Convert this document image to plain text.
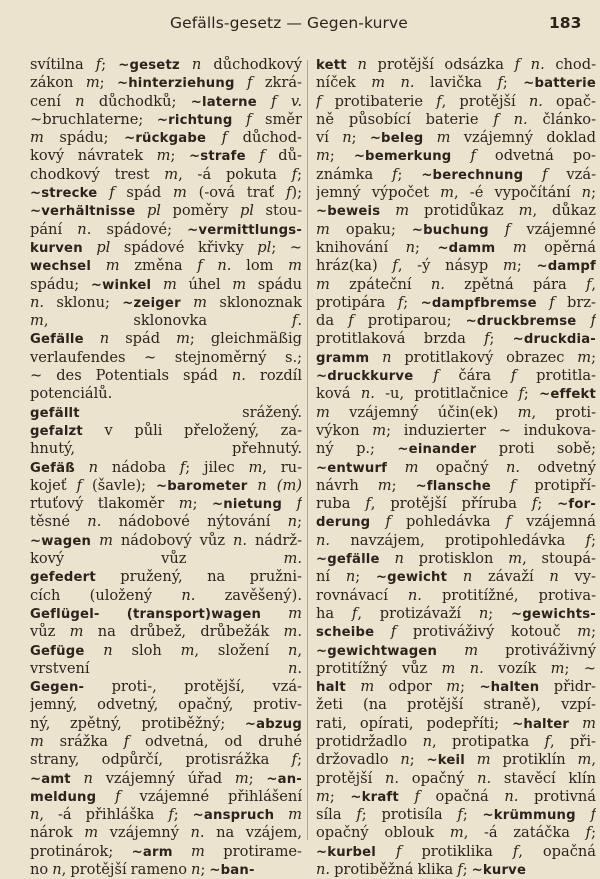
Gefälls-gesetz — Gegen-kurve	183
svítilna f; ~gesetz n důchodkový
zákon m; ~hinterziehung f zkrá-
cení n důchodků; ~laterne f v.
~bruchlaterne; ~richtung f směr
m spádu; ~rückgabe f důchod-
kový návratek m; ~strafe f dů-
chodkový trest m, -á pokuta f;
~strecke f spád m (-ová trať f);
~verhältnisse pl poměry pl stou-
pání n. spádové; ~vermittlungs-
kurven pl spádové křivky pl; ~
wechsel m změna f n. lom m
spádu; ~winkel m úhel m spádu
n. sklonu; ~zeiger m sklonoznak
m, sklonovka f.
Gefälle n spád m; gleichmäßig
verlaufendes ~ stejnoměrný s.;
~ des Potentials spád n. rozdíl
potenciálů.
gefällt srážený.
gefalzt v půli přeložený, za-
hnutý, přehnutý.
Gefäß n nádoba f; jilec m, ru-
kojeť f (šavle); ~barometer n (m)
rtuťový tlakoměr m; ~nietung f
těsné n. nádobové nýtování n;
~wagen m nádobový vůz n. nádrž-
kový vůz m.
gefedert pružený, na pružni-
cích (uložený n. zavěšený).
Geflügel- (transport)wagen m
vůz m na drůbež, drůbežák m.
Gefüge n sloh m, složení n,
vrstvení n.
Gegen- proti-, protější, vzá-
jemný, odvetný, opačný, protiv-
ný, zpětný, protiběžný; ~abzug
m srážka f odvetná, od druhé
strany, odpůrčí, protisrážka f;
~amt n vzájemný úřad m; ~an-
meldung f vzájemné přihlášení
n, -á přihláška f; ~anspruch m
nárok m vzájemný n. na vzájem,
protinárok; ~arm m protirame-
no n, protější rameno n; ~ban-
kett n protější odsázka f n. chod-
níček m n. lavička f; ~batterie
f protibaterie f, protější n. opač-
ně působící baterie f n. článko-
ví n; ~beleg m vzájemný doklad
m; ~bemerkung f odvetná po-
známka f; ~berechnung f vzá-
jemný výpočet m, -é vypočítání n;
~beweis m protidůkaz m, důkaz
m opaku; ~buchung f vzájemné
knihování n; ~damm m opěrná
hráz(ka) f, -ý násyp m; ~dampf
m zpáteční n. zpětná pára f,
protipára f; ~dampfbremse f brz-
da f protiparou; ~druckbremse f
protitlaková brzda f; ~druckdia-
gramm n protitlakový obrazec m;
~druckkurve f čára f protitla-
ková n. -u, protitlačnice f; ~effekt
m vzájemný účin(ek) m, proti-
výkon m; induzierter ~ indukova-
ný p.; ~einander proti sobě;
~entwurf m opačný n. odvetný
návrh m; ~flansche f protipří-
ruba f, protější příruba f; ~for-
derung f pohledávka f vzájemná
n. navzájem, protipohledávka f;
~gefälle n protisklon m, stoupá-
ní n; ~gewicht n závaží n vy-
rovnávací n. protitížné, protiva-
ha f, protizávaží n; ~gewichts-
scheibe f protiváživý kotouč m;
~gewichtwagen m protiváživný
protitížný vůz m n. vozík m; ~
halt m odpor m; ~halten přidr-
žeti (na protější straně), vzpí-
rati, opírati, podepříti; ~halter m
protidržadlo n, protipatka f, při-
držovadlo n; ~keil m protiklín m,
protější n. opačný n. stavěcí klín
m; ~kraft f opačná n. protivná
síla f; protisíla f; ~krümmung f
opačný oblouk m, -á zatáčka f;
~kurbel f protiklika f, opačná
n. protiběžná klika f; ~kurve
